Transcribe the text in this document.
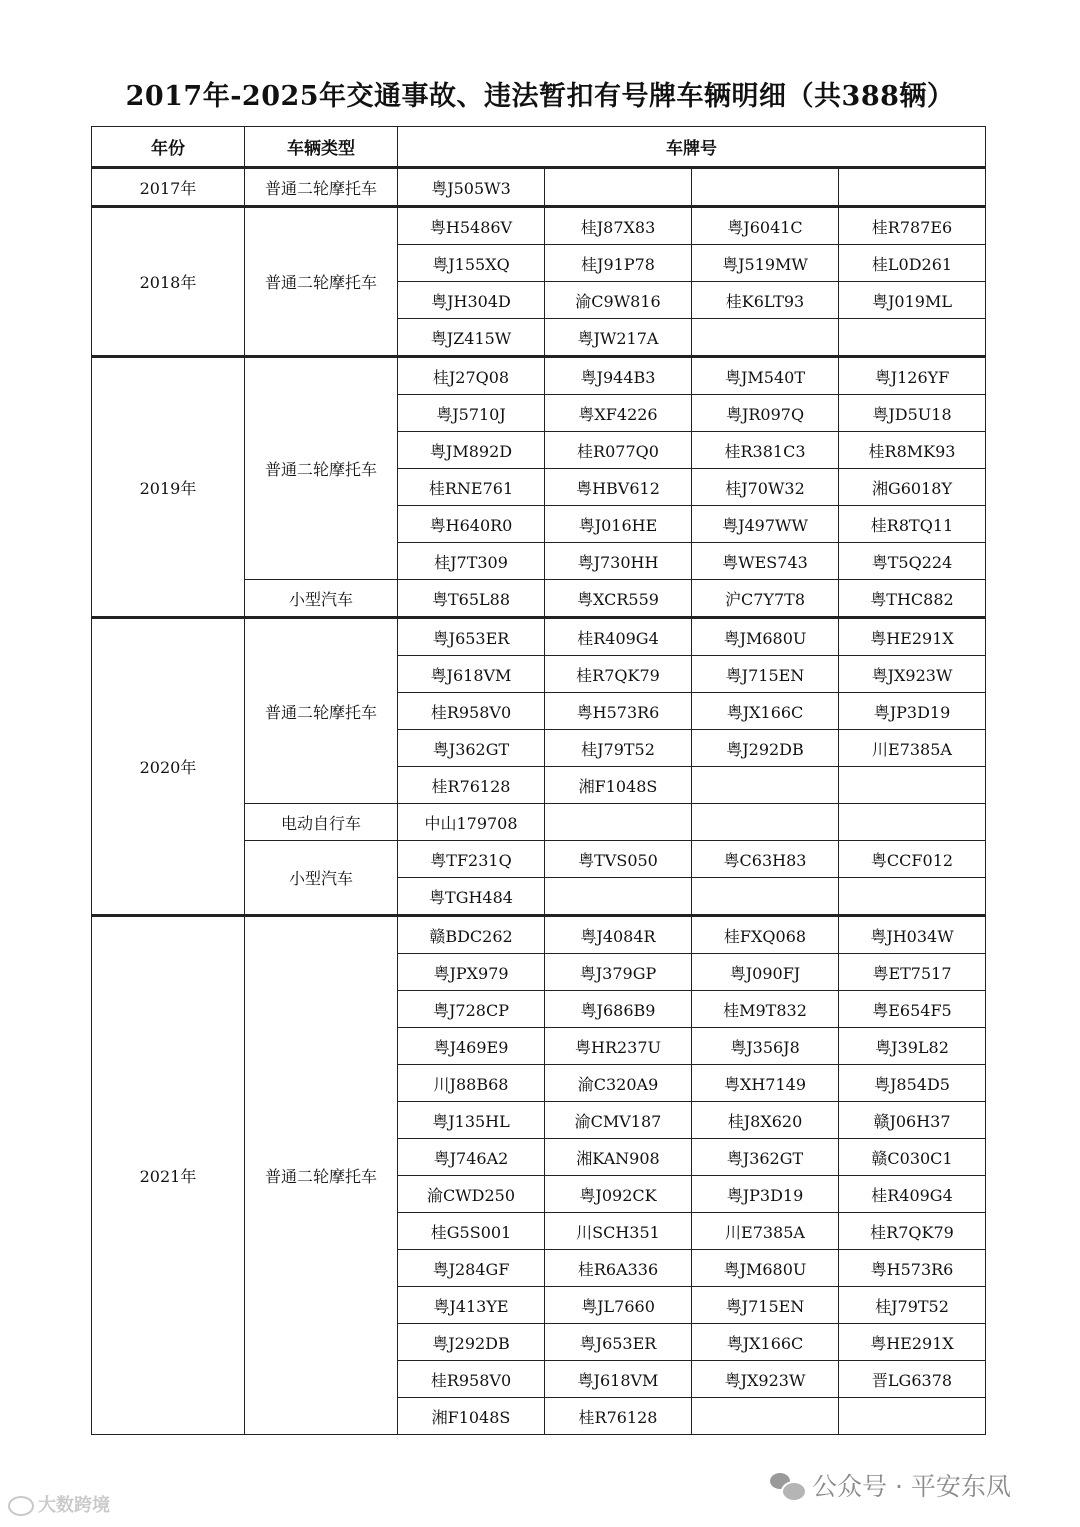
2017年-2025年交通事故、违法暂扣有号牌车辆明细（共388辆）
年份	车辆类型	车牌号			
2017年	普通二轮摩托车	粤J505W3			
2018年	普通二轮摩托车	粤H5486V	桂J87X83	粤J6041C	桂R787E6
		粤J155XQ	桂J91P78	粤J519MW	桂L0D261
		粤JH304D	渝C9W816	桂K6LT93	粤J019ML
		粤JZ415W	粤JW217A		
2019年	普通二轮摩托车	桂J27Q08	粤J944B3	粤JM540T	粤J126YF
		粤J5710J	粤XF4226	粤JR097Q	粤JD5U18
		粤JM892D	桂R077Q0	桂R381C3	桂R8MK93
		桂RNE761	粤HBV612	桂J70W32	湘G6018Y
		粤H640R0	粤J016HE	粤J497WW	桂R8TQ11
		桂J7T309	粤J730HH	粤WES743	粤T5Q224
	小型汽车	粤T65L88	粤XCR559	沪C7Y7T8	粤THC882
2020年	普通二轮摩托车	粤J653ER	桂R409G4	粤JM680U	粤HE291X
		粤J618VM	桂R7QK79	粤J715EN	粤JX923W
		桂R958V0	粤H573R6	粤JX166C	粤JP3D19
		粤J362GT	桂J79T52	粤J292DB	川E7385A
		桂R76128	湘F1048S		
	电动自行车	中山179708			
	小型汽车	粤TF231Q	粤TVS050	粤C63H83	粤CCF012
		粤TGH484			
2021年	普通二轮摩托车	赣BDC262	粤J4084R	桂FXQ068	粤JH034W
		粤JPX979	粤J379GP	粤J090FJ	粤ET7517
		粤J728CP	粤J686B9	桂M9T832	粤E654F5
		粤J469E9	粤HR237U	粤J356J8	粤J39L82
		川J88B68	渝C320A9	粤XH7149	粤J854D5
		粤J135HL	渝CMV187	桂J8X620	赣J06H37
		粤J746A2	湘KAN908	粤J362GT	赣C030C1
		渝CWD250	粤J092CK	粤JP3D19	桂R409G4
		桂G5S001	川SCH351	川E7385A	桂R7QK79
		粤J284GF	桂R6A336	粤JM680U	粤H573R6
		粤J413YE	粤JL7660	粤J715EN	桂J79T52
		粤J292DB	粤J653ER	粤JX166C	粤HE291X
		桂R958V0	粤J618VM	粤JX923W	晋LG6378
		湘F1048S	桂R76128		
大数跨境
公众号 · 平安东凤
